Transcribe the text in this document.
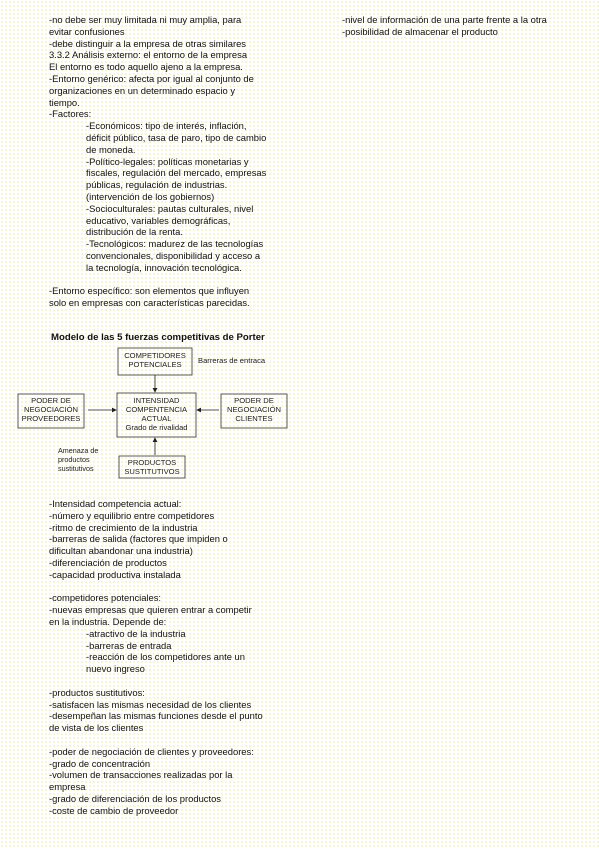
-no debe ser muy limitada ni muy amplia, para
evitar confusiones
-debe distinguir a la empresa de otras similares
3.3.2 Análisis externo: el entorno de la empresa
El entorno es todo aquello ajeno a la empresa.
-Entorno genérico: afecta por igual al conjunto de
organizaciones en un determinado espacio y
tiempo.
-Factores:
-Económicos: tipo de interés, inflación,
déficit público, tasa de paro, tipo de cambio
de moneda.
-Político-legales: políticas monetarias y
fiscales, regulación del mercado, empresas
públicas, regulación de industrias.
(intervención de los gobiernos)
-Socioculturales: pautas culturales, nivel
educativo, variables demográficas,
distribución de la renta.
-Tecnológicos: madurez de las tecnologías
convencionales, disponibilidad y acceso a
la tecnología, innovación tecnológica.
-Entorno específico: son elementos que influyen
solo en empresas con características parecidas.
-nivel de información de una parte frente a la otra
-posibilidad de almacenar el producto
Modelo de las 5 fuerzas competitivas de Porter
COMPETIDORES
POTENCIALES	Barreras de entraca
PODER DE
NEGOCIACIÓN
PROVEEDORES
INTENSIDAD
COMPENTENCIA
ACTUAL
Grado de rivalidad
PODER DE
NEGOCIACIÓN
CLIENTES
Amenaza de
productos
sustitutivos
PRODUCTOS
SUSTITUTIVOS
-Intensidad competencia actual:
-número y equilibrio entre competidores
-ritmo de crecimiento de la industria
-barreras de salida (factores que impiden o
dificultan abandonar una industria)
-diferenciación de productos
-capacidad productiva instalada
-competidores potenciales:
-nuevas empresas que quieren entrar a competir
en la industria. Depende de:
-atractivo de la industria
-barreras de entrada
-reacción de los competidores ante un
nuevo ingreso
-productos sustitutivos:
-satisfacen las mismas necesidad de los clientes
-desempeñan las mismas funciones desde el punto
de vista de los clientes
-poder de negociación de clientes y proveedores:
-grado de concentración
-volumen de transacciones realizadas por la
empresa
-grado de diferenciación de los productos
-coste de cambio de proveedor
